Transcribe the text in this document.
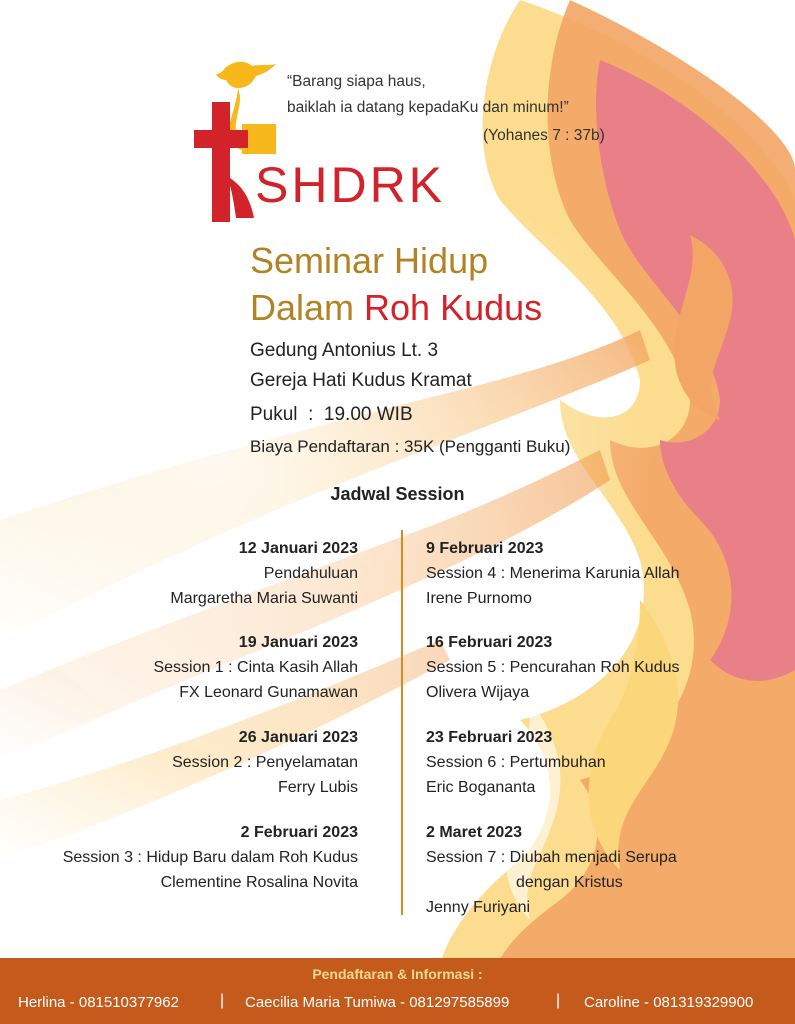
“Barang siapa haus,
baiklah ia datang kepadaKu dan minum!”
(Yohanes 7 : 37b)
SHDRK
Seminar Hidup
Dalam Roh Kudus
Gedung Antonius Lt. 3
Gereja Hati Kudus Kramat
Pukul  :  19.00 WIB
Biaya Pendaftaran : 35K (Pengganti Buku)
Jadwal Session
12 Januari 2023
Pendahuluan
Margaretha Maria Suwanti
19 Januari 2023
Session 1 : Cinta Kasih Allah
FX Leonard Gunamawan
26 Januari 2023
Session 2 : Penyelamatan
Ferry Lubis
2 Februari 2023
Session 3 : Hidup Baru dalam Roh Kudus
Clementine Rosalina Novita
9 Februari 2023
Session 4 : Menerima Karunia Allah
Irene Purnomo
16 Februari 2023
Session 5 : Pencurahan Roh Kudus
Olivera Wijaya
23 Februari 2023
Session 6 : Pertumbuhan
Eric Bogananta
2 Maret 2023
Session 7 : Diubah menjadi Serupa
dengan Kristus
Jenny Furiyani
Pendaftaran & Informasi :
Herlina - 081510377962	| Caecilia Maria Tumiwa - 081297585899	| Caroline - 081319329900
